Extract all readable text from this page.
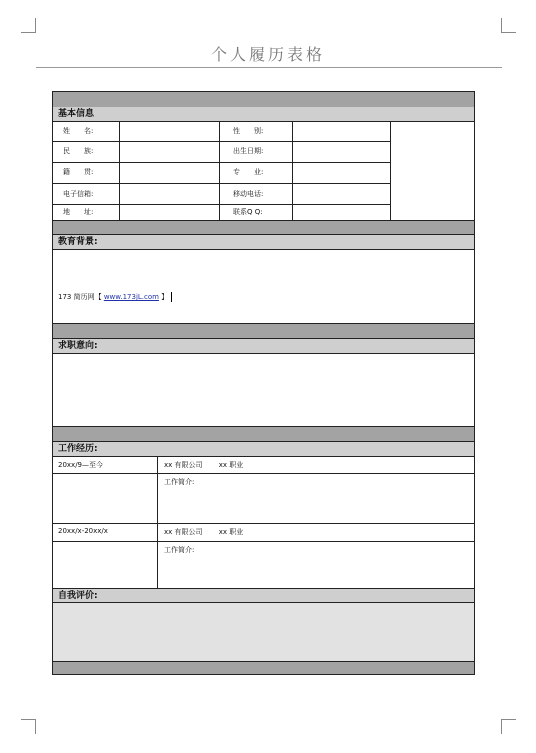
个人履历表格
基本信息
姓　　名:
民　　族:
籍　　贯:
电子信箱:
地　　址:
性　　别:
出生日期:
专　　业:
移动电话:
联系Q Q:
教育背景:
173 简历网【 www.173jL.com 】
求职意向:
工作经历:
20xx/9—至今	xx 有限公司 xx 职业
工作简介:
20xx/x-20xx/x	xx 有限公司 xx 职业
工作简介:
自我评价:
